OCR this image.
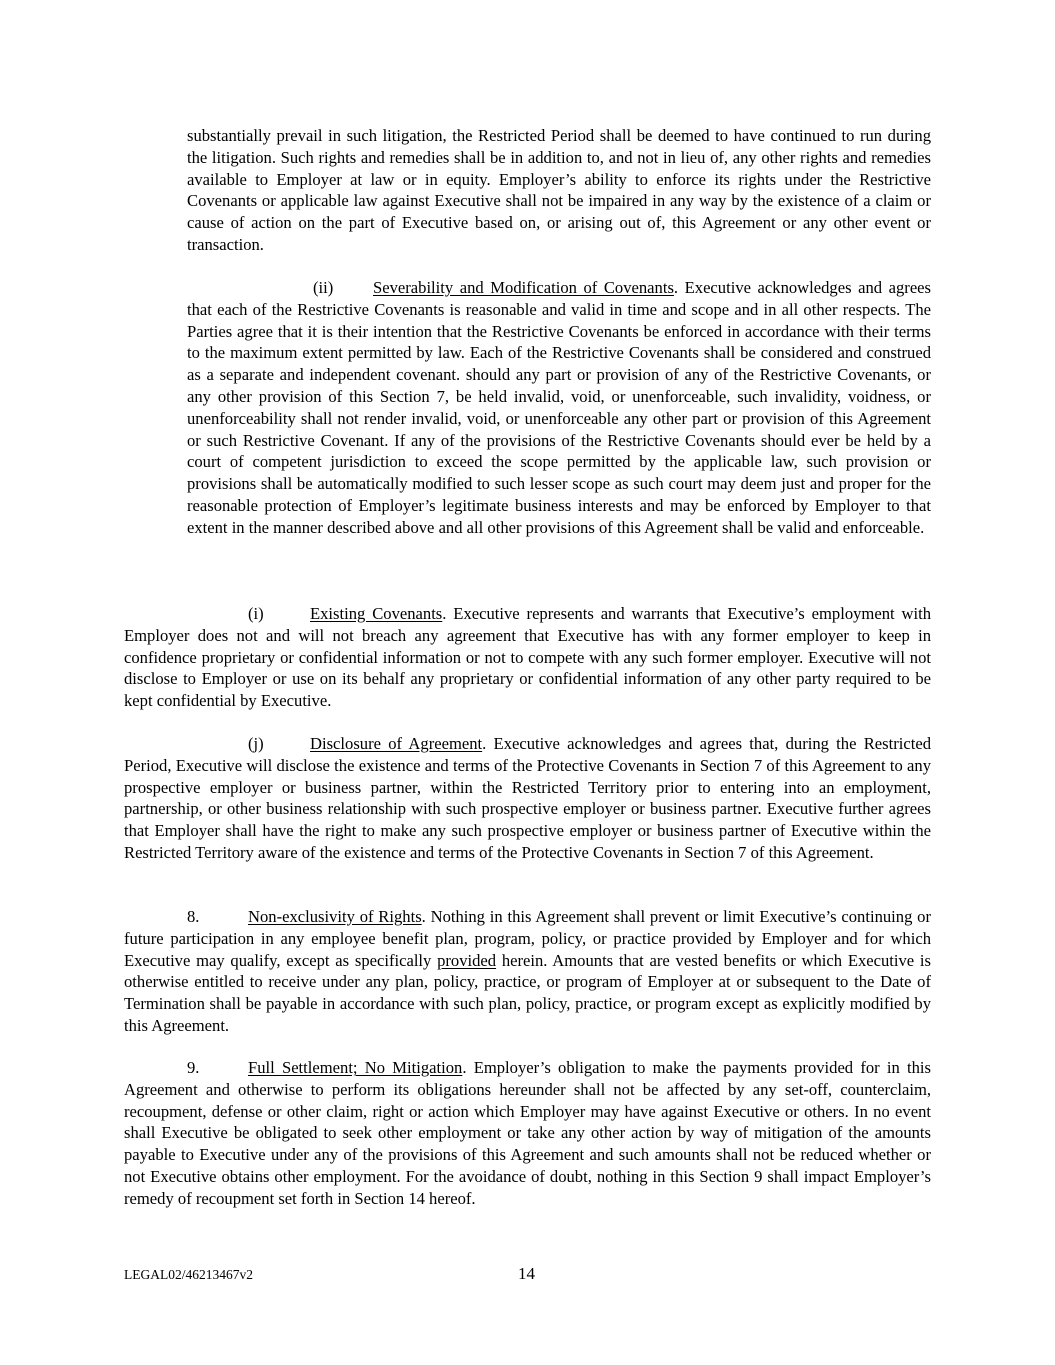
substantially prevail in such litigation, the Restricted Period shall be deemed to have continued to run during the litigation. Such rights and remedies shall be in addition to, and not in lieu of, any other rights and remedies available to Employer at law or in equity. Employer’s ability to enforce its rights under the Restrictive Covenants or applicable law against Executive shall not be impaired in any way by the existence of a claim or cause of action on the part of Executive based on, or arising out of, this Agreement or any other event or transaction.

(ii) Severability and Modification of Covenants. Executive acknowledges and agrees that each of the Restrictive Covenants is reasonable and valid in time and scope and in all other respects. The Parties agree that it is their intention that the Restrictive Covenants be enforced in accordance with their terms to the maximum extent permitted by law. Each of the Restrictive Covenants shall be considered and construed as a separate and independent covenant. should any part or provision of any of the Restrictive Covenants, or any other provision of this Section 7, be held invalid, void, or unenforceable, such invalidity, voidness, or unenforceability shall not render invalid, void, or unenforceable any other part or provision of this Agreement or such Restrictive Covenant. If any of the provisions of the Restrictive Covenants should ever be held by a court of competent jurisdiction to exceed the scope permitted by the applicable law, such provision or provisions shall be automatically modified to such lesser scope as such court may deem just and proper for the reasonable protection of Employer’s legitimate business interests and may be enforced by Employer to that extent in the manner described above and all other provisions of this Agreement shall be valid and enforceable.

(i)	Existing Covenants. Executive represents and warrants that Executive’s employment with Employer does not and will not breach any agreement that Executive has with any former employer to keep in confidence proprietary or confidential information or not to compete with any such former employer. Executive will not disclose to Employer or use on its behalf any proprietary or confidential information of any other party required to be kept confidential by Executive.

(j)	Disclosure of Agreement. Executive acknowledges and agrees that, during the Restricted Period, Executive will disclose the existence and terms of the Protective Covenants in Section 7 of this Agreement to any prospective employer or business partner, within the Restricted Territory prior to entering into an employment, partnership, or other business relationship with such prospective employer or business partner. Executive further agrees that Employer shall have the right to make any such prospective employer or business partner of Executive within the Restricted Territory aware of the existence and terms of the Protective Covenants in Section 7 of this Agreement.

8.	Non-exclusivity of Rights. Nothing in this Agreement shall prevent or limit Executive’s continuing or future participation in any employee benefit plan, program, policy, or practice provided by Employer and for which Executive may qualify, except as specifically provided herein. Amounts that are vested benefits or which Executive is otherwise entitled to receive under any plan, policy, practice, or program of Employer at or subsequent to the Date of Termination shall be payable in accordance with such plan, policy, practice, or program except as explicitly modified by this Agreement.

9.	Full Settlement; No Mitigation. Employer’s obligation to make the payments provided for in this Agreement and otherwise to perform its obligations hereunder shall not be affected by any set-off, counterclaim, recoupment, defense or other claim, right or action which Employer may have against Executive or others. In no event shall Executive be obligated to seek other employment or take any other action by way of mitigation of the amounts payable to Executive under any of the provisions of this Agreement and such amounts shall not be reduced whether or not Executive obtains other employment. For the avoidance of doubt, nothing in this Section 9 shall impact Employer’s remedy of recoupment set forth in Section 14 hereof.

LEGAL02/46213467v2	14
